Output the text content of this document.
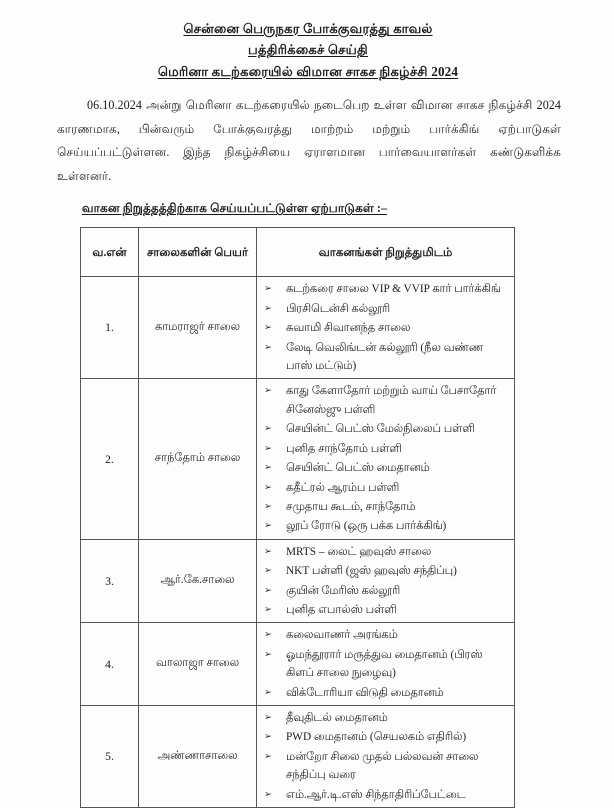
சென்னை பெருநகர போக்குவரத்து காவல்
பத்திரிக்கைச் செய்தி
மெரினா கடற்கரையில் விமான சாகச நிகழ்ச்சி 2024

06.10.2024 அன்று மெரினா கடற்கரையில் நடைபெற உள்ள விமான சாகச நிகழ்ச்சி 2024 காரணமாக, பின்வரும் போக்குவரத்து மாற்றம் மற்றும் பார்க்கிங் ஏற்பாடுகள் செய்யப்பட்டுள்ளன. இந்த நிகழ்ச்சியை ஏராளமான பார்வையாளர்கள் கண்டுகளிக்க உள்ளனர்.

வாகன நிறுத்தத்திற்காக செய்யப்பட்டுள்ள ஏற்பாடுகள் :–
வ.என்	சாலைகளின் பெயர்	வாகனங்கள் நிறுத்துமிடம்
1.	காமராஜர் சாலை	
➢ கடற்கரை சாலை VIP & VVIP கார் பார்க்கிங்
➢ பிரசிடென்சி கல்லூரி
➢ சுவாமி சிவானந்த சாலை
➢ லேடி வெலிங்டன் கல்லூரி (நீல வண்ண பாஸ் மட்டும்)

2.	சாந்தோம் சாலை	
➢ காது கேளாதோர் மற்றும் வாய் பேசாதோர் சினேஸ்ஜு பள்ளி
➢ செயின்ட் பெட்ஸ் மேல்நிலைப் பள்ளி
➢ புனித சாந்தோம் பள்ளி
➢ செயின்ட் பெட்ஸ் மைதானம்
➢ கதீட்ரல் ஆரம்ப பள்ளி
➢ சமுதாய கூடம், சாந்தோம்
➢ லூப் ரோடு (ஒரு பக்க பார்க்கிங்)

3.	ஆர்.கே.சாலை	
➢ MRTS – லைட் ஹவுஸ் சாலை
➢ NKT பள்ளி (ஜஸ் ஹவுஸ் சந்திப்பு)
➢ குயின் மேரிஸ் கல்லூரி
➢ புனித எபால்ஸ் பள்ளி

4.	வாலாஜா சாலை	
➢ கலைவாணர் அரங்கம்
➢ ஓமந்தூரார் மருத்துவ மைதானம் (பிரஸ் கிளப் சாலை நுழைவு)
➢ விக்டோரியா விடுதி மைதானம்

5.	அண்ணாசாலை	
➢ தீவுதிடல் மைதானம்
➢ PWD மைதானம் (செயலகம் எதிரில்)
➢ மன்றோ சிலை முதல் பல்லவன் சாலை சந்திப்பு வரை
➢ எம்.ஆர்.டி.எஸ் சிந்தாதிரிப்பேட்டை
